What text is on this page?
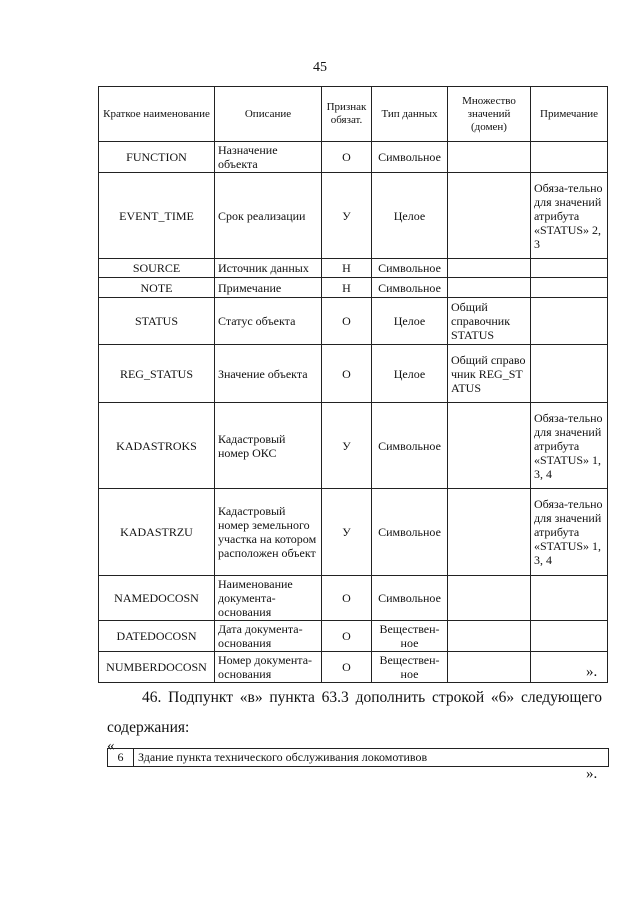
45
Краткое наименование	Описание	Признак обязат.	Тип данных	Множество значений (домен)	Примечание
FUNCTION	Назначение объекта	О	Символьное		
EVENT_TIME	Срок реализации	У	Целое		Обяза-тельно для значений атрибута «STATUS» 2, 3
SOURCE	Источник данных	Н	Символьное		
NOTE	Примечание	Н	Символьное		
STATUS	Статус объекта	О	Целое	Общий справочник STATUS	
REG_STATUS	Значение объекта	О	Целое	Общий справочник REG_STATUS	
KADASTROKS	Кадастровый номер ОКС	У	Символьное		Обяза-тельно для значений атрибута «STATUS» 1, 3, 4
KADASTRZU	Кадастровый номер земельного участка на котором расположен объект	У	Символьное		Обяза-тельно для значений атрибута «STATUS» 1, 3, 4
NAMEDOCOSN	Наименование документа-основания	О	Символьное		
DATEDOCOSN	Дата документа-основания	О	Веществен-ное		
NUMBERDOCOSN	Номер документа-основания	О	Веществен-ное			».
46. Подпункт «в» пункта 63.3 дополнить строкой «6» следующего содержания:
«
6	Здание пункта технического обслуживания локомотивов
».
